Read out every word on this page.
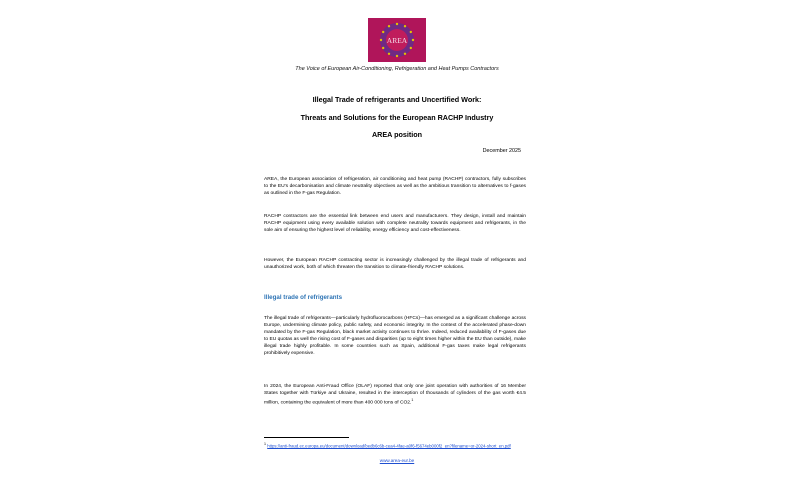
AREA
The Voice of European Air-Conditioning, Refrigeration and Heat Pumps Contractors
Illegal Trade of refrigerants and Uncertified Work:
Threats and Solutions for the European RACHP Industry
AREA position
December 2025

AREA, the European association of refrigeration, air conditioning and heat pump (RACHP) contractors, fully subscribes to the EU's decarbonisation and climate neutrality objectives as well as the ambitious transition to alternatives to f-gases as outlined in the F-gas Regulation.

RACHP contractors are the essential link between end users and manufacturers. They design, install and maintain RACHP equipment using every available solution with complete neutrality towards equipment and refrigerants, in the sole aim of ensuring the highest level of reliability, energy efficiency and cost-effectiveness.

However, the European RACHP contracting sector is increasingly challenged by the illegal trade of refrigerants and unauthorized work, both of which threaten the transition to climate-friendly RACHP solutions.

Illegal trade of refrigerants

The illegal trade of refrigerants—particularly hydrofluorocarbons (HFCs)—has emerged as a significant challenge across Europe, undermining climate policy, public safety, and economic integrity. In the context of the accelerated phase-down mandated by the F-gas Regulation, black market activity continues to thrive. Indeed, reduced availability of F-gases due to EU quotas as well the rising cost of F-gases and disparities (up to eight times higher within the EU than outside), make illegal trade highly profitable. In some countries such as Spain, additional F-gas taxes make legal refrigerants prohibitively expensive.

In 2024, the European Anti-Fraud Office (OLAF) reported that only one joint operation with authorities of 16 Member States together with Türkiye and Ukraine, resulted in the interception of thousands of cylinders of the gas worth €4.5 million, containing the equivalent of more than 400 000 tons of CO2.$^1$

$^1$ https://anti-fraud.ec.europa.eu/document/download/bedb6c6b-cea4-4fae-a0f6-f5674eb000f2_en?filename=or-2024-short_en.pdf

www.area-eur.be
